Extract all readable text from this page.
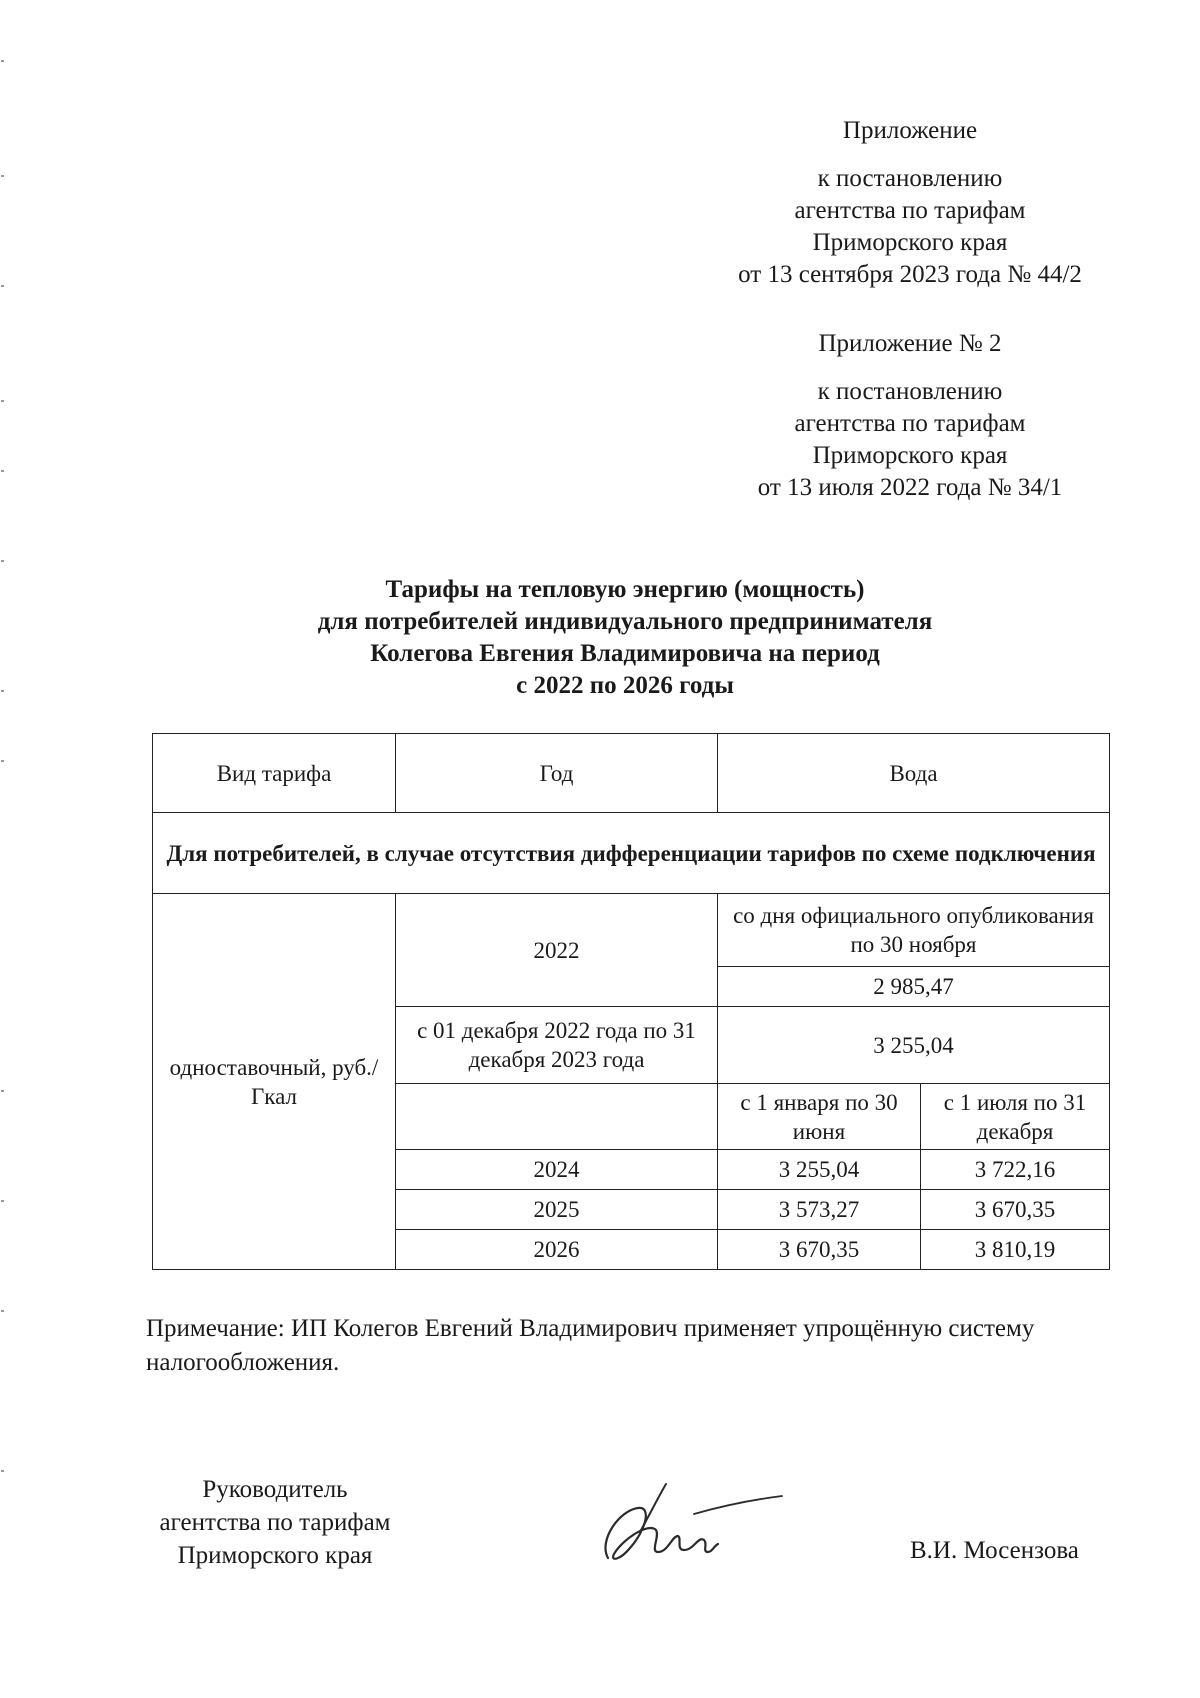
Приложение
к постановлению
агентства по тарифам
Приморского края
от 13 сентября 2023 года № 44/2
Приложение № 2
к постановлению
агентства по тарифам
Приморского края
от 13 июля 2022 года № 34/1
Тарифы на тепловую энергию (мощность)
для потребителей индивидуального предпринимателя
Колегова Евгения Владимировича на период
с 2022 по 2026 годы
Вид тарифа	Год	Вода	
Для потребителей, в случае отсутствия дифференциации тарифов по схеме подключения			
одноставочный, руб./Гкал	2022	со дня официального опубликования по 30 ноября	
		2 985,47	
	с 01 декабря 2022 года по 31 декабря 2023 года	3 255,04	
		с 1 января по 30 июня	с 1 июля по 31 декабря
	2024	3 255,04	3 722,16
	2025	3 573,27	3 670,35
	2026	3 670,35	3 810,19
Примечание: ИП Колегов Евгений Владимирович применяет упрощённую систему налогообложения.
Руководитель
агентства по тарифам
Приморского края	В.И. Мосензова
